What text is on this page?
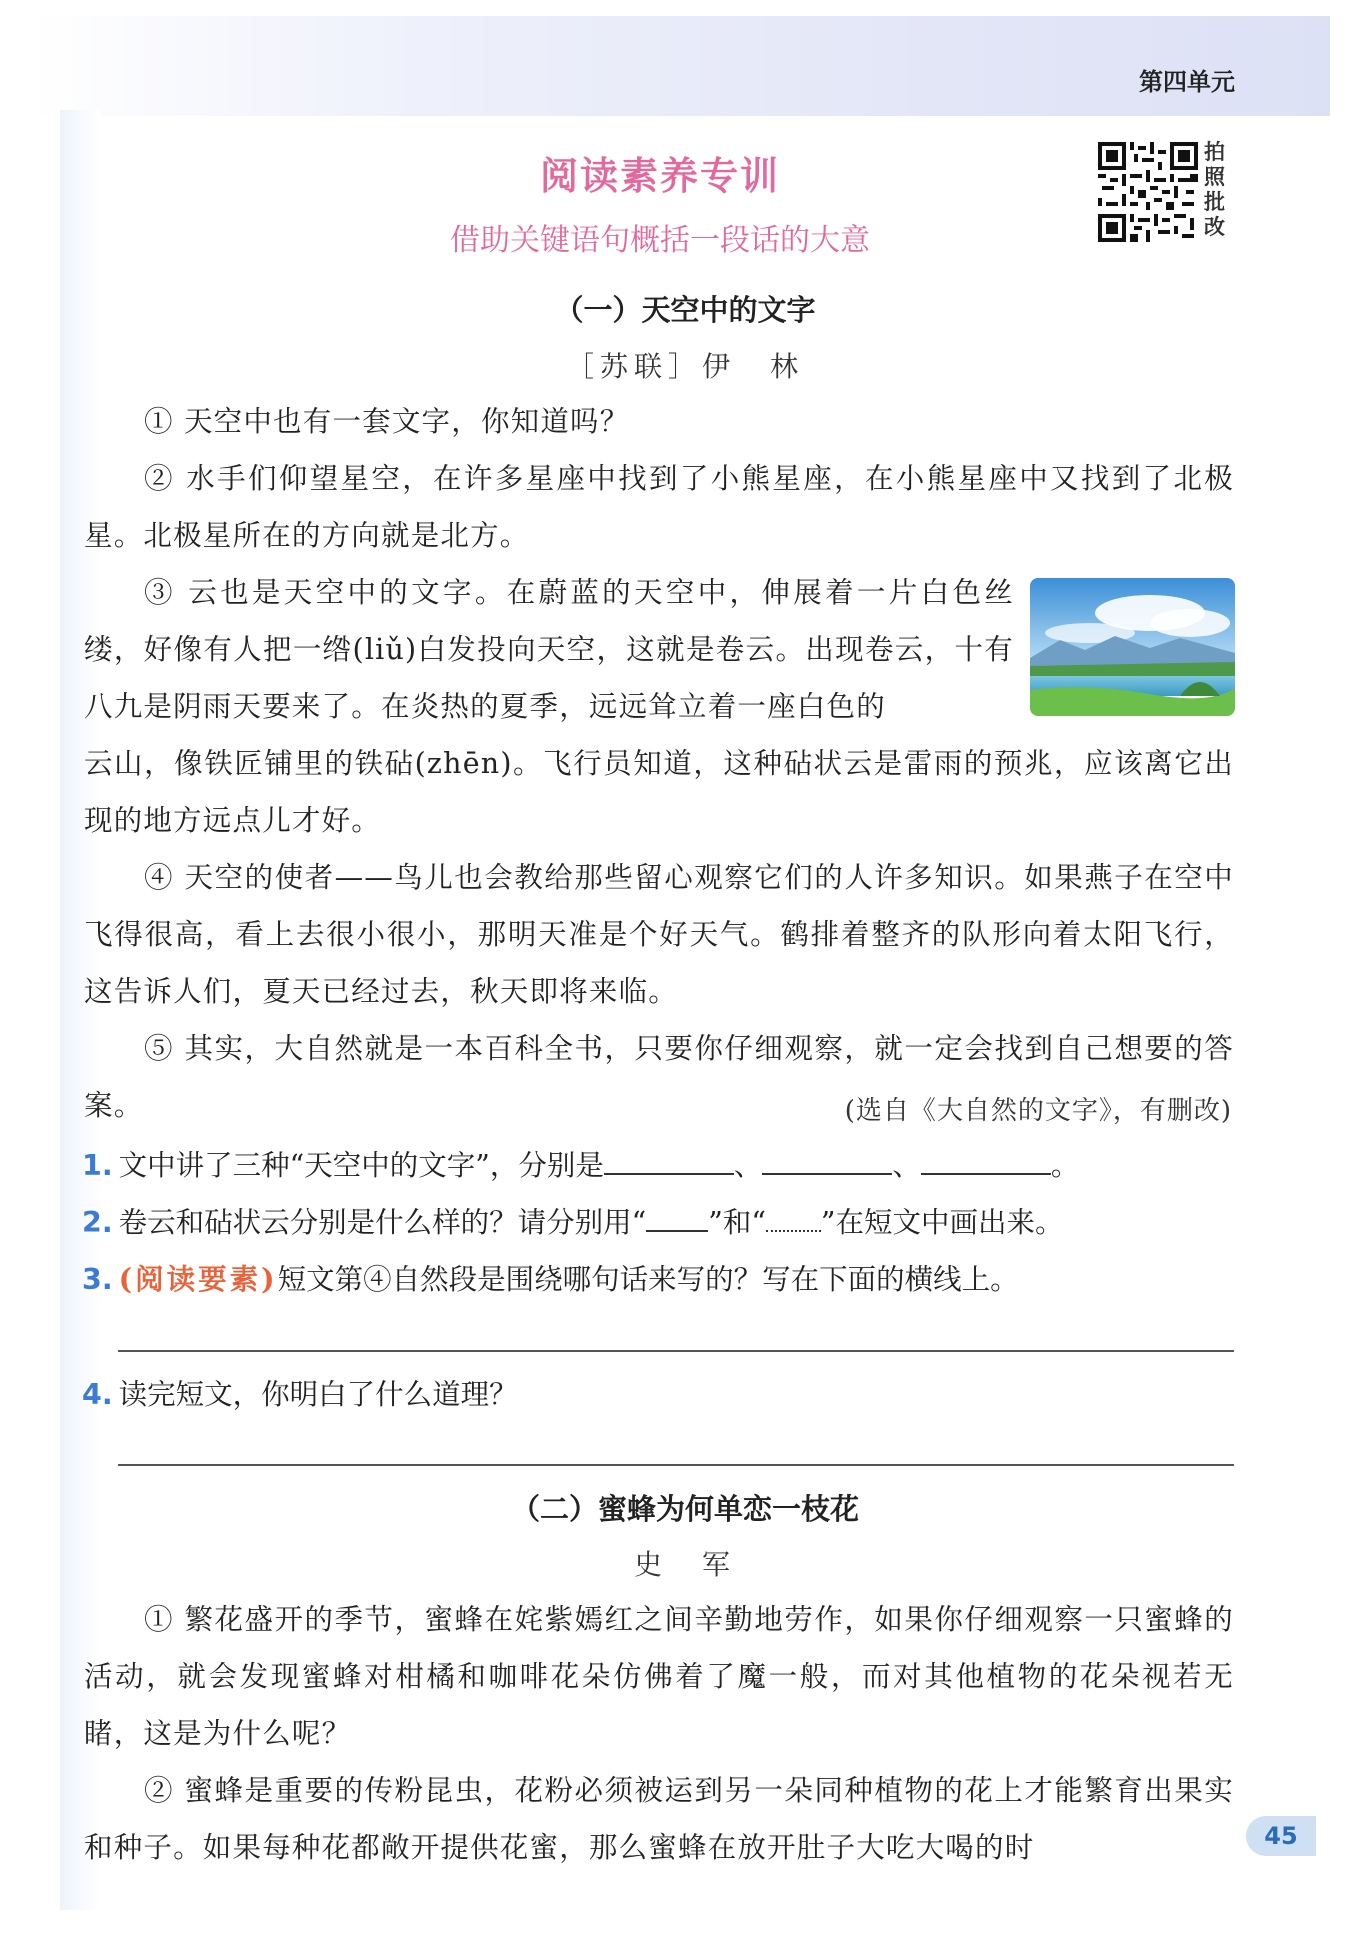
第四单元
阅读素养专训
借助关键语句概括一段话的大意
拍
照
批
改
（一）天空中的文字
［苏联］伊　林

① 天空中也有一套文字，你知道吗？

② 水手们仰望星空，在许多星座中找到了小熊星座，在小熊星座中又找到了北极星。北极星所在的方向就是北方。

③ 云也是天空中的文字。在蔚蓝的天空中，伸展着一片白色丝缕，好像有人把一绺(liǔ)白发投向天空，这就是卷云。出现卷云，十有八九是阴雨天要来了。在炎热的夏季，远远耸立着一座白色的

云山，像铁匠铺里的铁砧(zhēn)。飞行员知道，这种砧状云是雷雨的预兆，应该离它出现的地方远点儿才好。

④ 天空的使者——鸟儿也会教给那些留心观察它们的人许多知识。如果燕子在空中飞得很高，看上去很小很小，那明天准是个好天气。鹤排着整齐的队形向着太阳飞行，这告诉人们，夏天已经过去，秋天即将来临。

⑤ 其实，大自然就是一本百科全书，只要你仔细观察，就一定会找到自己想要的答案。	(选自《大自然的文字》，有删改)
1. 文中讲了三种“天空中的文字”，分别是	、	、	。
2. 卷云和砧状云分别是什么样的？请分别用“ ”和“ ”在短文中画出来。
3. (阅读要素)短文第④自然段是围绕哪句话来写的？写在下面的横线上。
4. 读完短文，你明白了什么道理？
（二）蜜蜂为何单恋一枝花
史　军

① 繁花盛开的季节，蜜蜂在姹紫嫣红之间辛勤地劳作，如果你仔细观察一只蜜蜂的活动，就会发现蜜蜂对柑橘和咖啡花朵仿佛着了魔一般，而对其他植物的花朵视若无睹，这是为什么呢？

② 蜜蜂是重要的传粉昆虫，花粉必须被运到另一朵同种植物的花上才能繁育出果实和种子。如果每种花都敞开提供花蜜，那么蜜蜂在放开肚子大吃大喝的时	45
